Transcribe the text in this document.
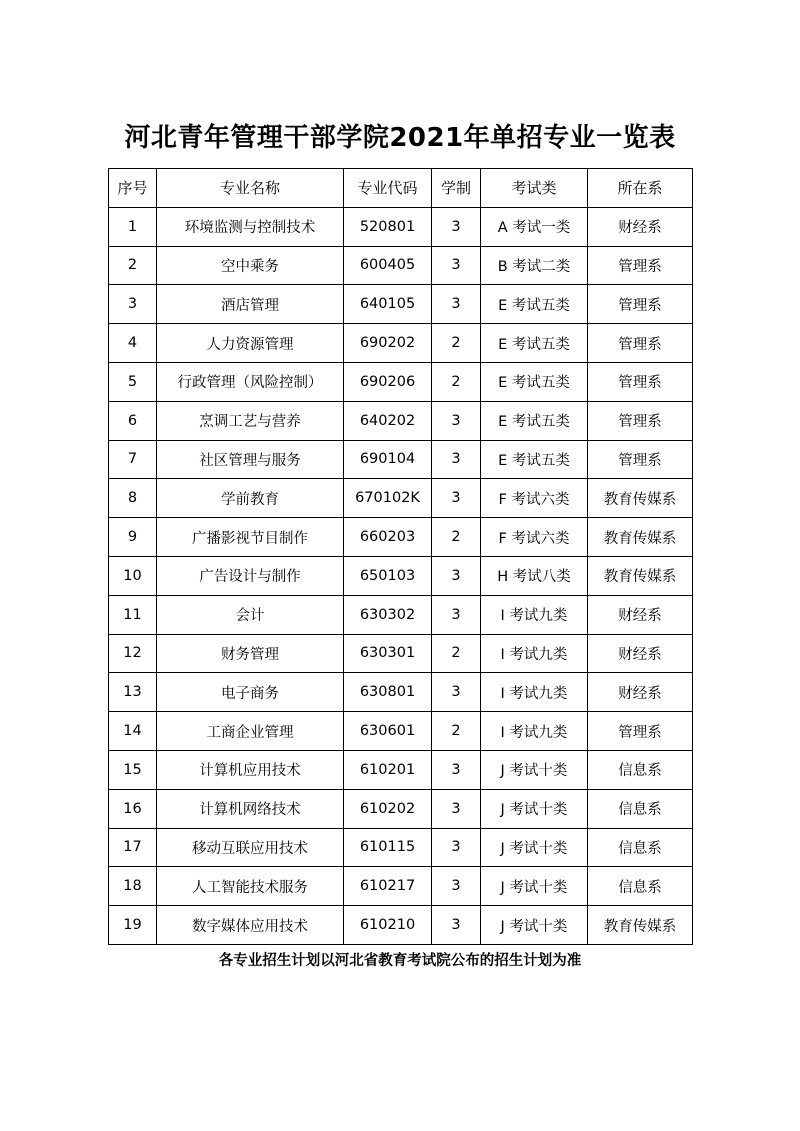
河北青年管理干部学院2021年单招专业一览表
序号	专业名称	专业代码	学制	考试类	所在系
1	环境监测与控制技术	520801	3	A 考试一类	财经系
2	空中乘务	600405	3	B 考试二类	管理系
3	酒店管理	640105	3	E 考试五类	管理系
4	人力资源管理	690202	2	E 考试五类	管理系
5	行政管理（风险控制）	690206	2	E 考试五类	管理系
6	烹调工艺与营养	640202	3	E 考试五类	管理系
7	社区管理与服务	690104	3	E 考试五类	管理系
8	学前教育	670102K	3	F 考试六类	教育传媒系
9	广播影视节目制作	660203	2	F 考试六类	教育传媒系
10	广告设计与制作	650103	3	H 考试八类	教育传媒系
11	会计	630302	3	I 考试九类	财经系
12	财务管理	630301	2	I 考试九类	财经系
13	电子商务	630801	3	I 考试九类	财经系
14	工商企业管理	630601	2	I 考试九类	管理系
15	计算机应用技术	610201	3	J 考试十类	信息系
16	计算机网络技术	610202	3	J 考试十类	信息系
17	移动互联应用技术	610115	3	J 考试十类	信息系
18	人工智能技术服务	610217	3	J 考试十类	信息系
19	数字媒体应用技术	610210	3	J 考试十类	教育传媒系
各专业招生计划以河北省教育考试院公布的招生计划为准
